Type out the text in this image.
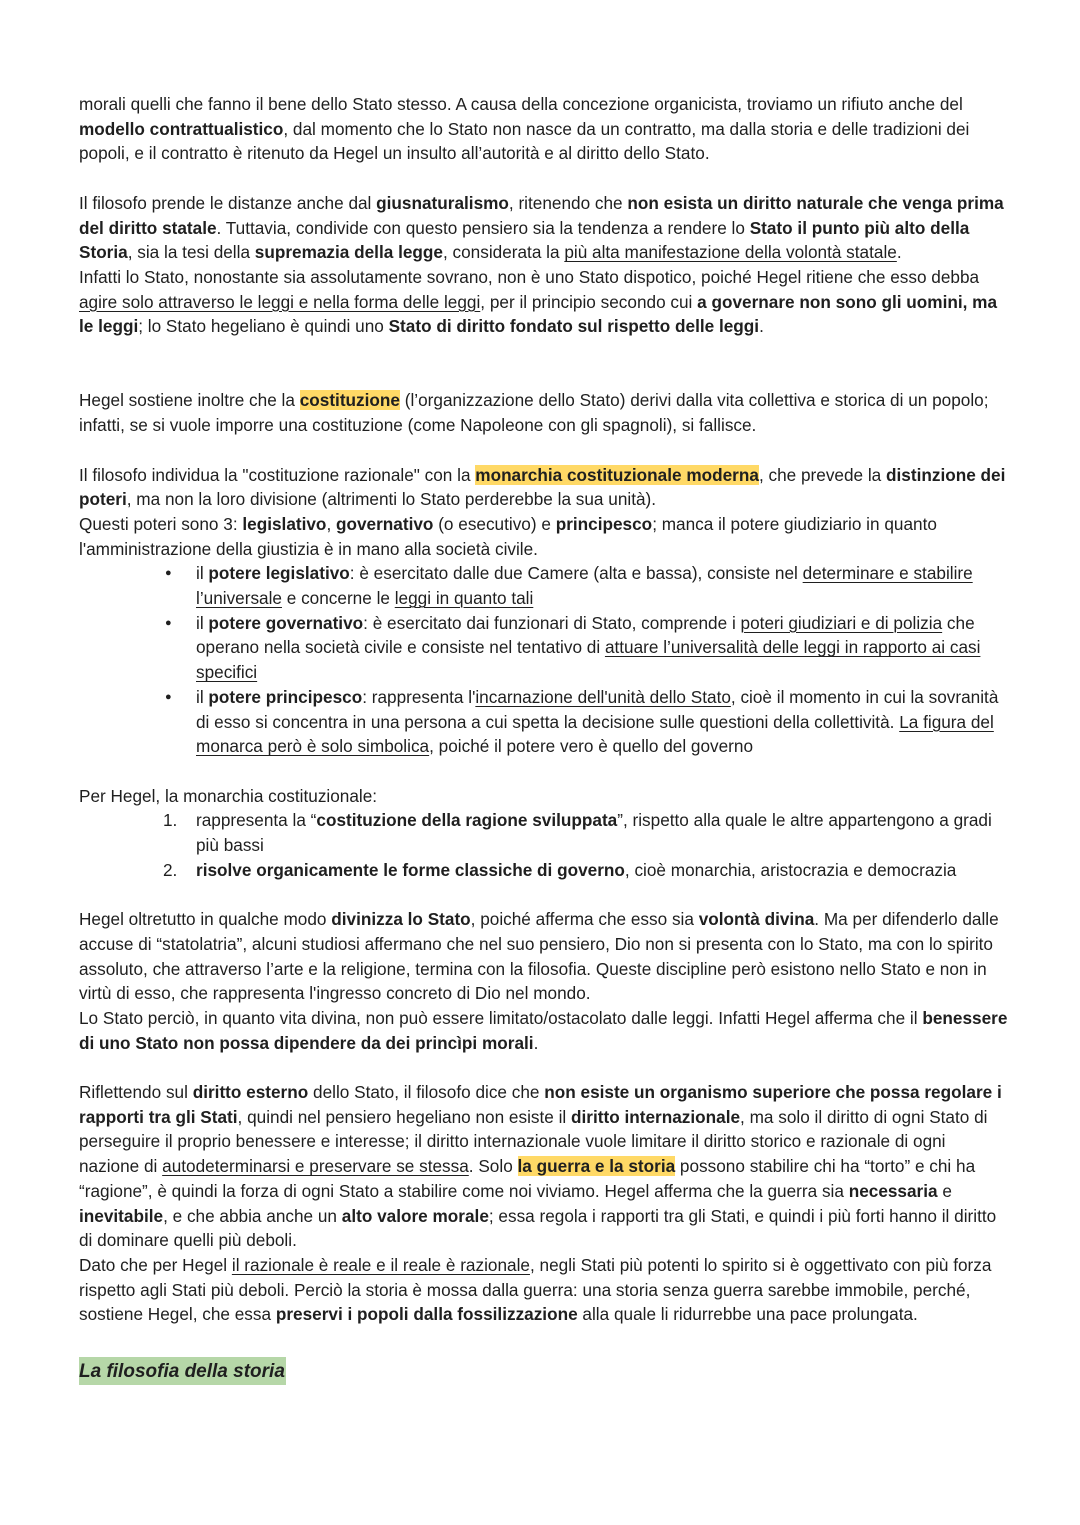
morali quelli che fanno il bene dello Stato stesso. A causa della concezione organicista, troviamo un rifiuto anche del modello contrattualistico, dal momento che lo Stato non nasce da un contratto, ma dalla storia e delle tradizioni dei popoli, e il contratto è ritenuto da Hegel un insulto all’autorità e al diritto dello Stato.

Il filosofo prende le distanze anche dal giusnaturalismo, ritenendo che non esista un diritto naturale che venga prima del diritto statale. Tuttavia, condivide con questo pensiero sia la tendenza a rendere lo Stato il punto più alto della Storia, sia la tesi della supremazia della legge, considerata la più alta manifestazione della volontà statale.

Infatti lo Stato, nonostante sia assolutamente sovrano, non è uno Stato dispotico, poiché Hegel ritiene che esso debba agire solo attraverso le leggi e nella forma delle leggi, per il principio secondo cui a governare non sono gli uomini, ma le leggi; lo Stato hegeliano è quindi uno Stato di diritto fondato sul rispetto delle leggi.

Hegel sostiene inoltre che la costituzione (l’organizzazione dello Stato) derivi dalla vita collettiva e storica di un popolo; infatti, se si vuole imporre una costituzione (come Napoleone con gli spagnoli), si fallisce.

Il filosofo individua la "costituzione razionale" con la monarchia costituzionale moderna, che prevede la distinzione dei poteri, ma non la loro divisione (altrimenti lo Stato perderebbe la sua unità).

Questi poteri sono 3: legislativo, governativo (o esecutivo) e principesco; manca il potere giudiziario in quanto l'amministrazione della giustizia è in mano alla società civile.

● il potere legislativo: è esercitato dalle due Camere (alta e bassa), consiste nel determinare e stabilire l’universale e concerne le leggi in quanto tali
● il potere governativo: è esercitato dai funzionari di Stato, comprende i poteri giudiziari e di polizia che operano nella società civile e consiste nel tentativo di attuare l’universalità delle leggi in rapporto ai casi specifici
● il potere principesco: rappresenta l'incarnazione dell'unità dello Stato, cioè il momento in cui la sovranità di esso si concentra in una persona a cui spetta la decisione sulle questioni della collettività. La figura del monarca però è solo simbolica, poiché il potere vero è quello del governo

Per Hegel, la monarchia costituzionale:

1. rappresenta la “costituzione della ragione sviluppata”, rispetto alla quale le altre appartengono a gradi più bassi
2. risolve organicamente le forme classiche di governo, cioè monarchia, aristocrazia e democrazia

Hegel oltretutto in qualche modo divinizza lo Stato, poiché afferma che esso sia volontà divina. Ma per difenderlo dalle accuse di “statolatria”, alcuni studiosi affermano che nel suo pensiero, Dio non si presenta con lo Stato, ma con lo spirito assoluto, che attraverso l’arte e la religione, termina con la filosofia. Queste discipline però esistono nello Stato e non in virtù di esso, che rappresenta l'ingresso concreto di Dio nel mondo.

Lo Stato perciò, in quanto vita divina, non può essere limitato/ostacolato dalle leggi. Infatti Hegel afferma che il benessere di uno Stato non possa dipendere da dei princìpi morali.

Riflettendo sul diritto esterno dello Stato, il filosofo dice che non esiste un organismo superiore che possa regolare i rapporti tra gli Stati, quindi nel pensiero hegeliano non esiste il diritto internazionale, ma solo il diritto di ogni Stato di perseguire il proprio benessere e interesse; il diritto internazionale vuole limitare il diritto storico e razionale di ogni nazione di autodeterminarsi e preservare se stessa. Solo la guerra e la storia possono stabilire chi ha “torto” e chi ha “ragione”, è quindi la forza di ogni Stato a stabilire come noi viviamo. Hegel afferma che la guerra sia necessaria e inevitabile, e che abbia anche un alto valore morale; essa regola i rapporti tra gli Stati, e quindi i più forti hanno il diritto di dominare quelli più deboli.

Dato che per Hegel il razionale è reale e il reale è razionale, negli Stati più potenti lo spirito si è oggettivato con più forza rispetto agli Stati più deboli. Perciò la storia è mossa dalla guerra: una storia senza guerra sarebbe immobile, perché, sostiene Hegel, che essa preservi i popoli dalla fossilizzazione alla quale li ridurrebbe una pace prolungata.

La filosofia della storia
